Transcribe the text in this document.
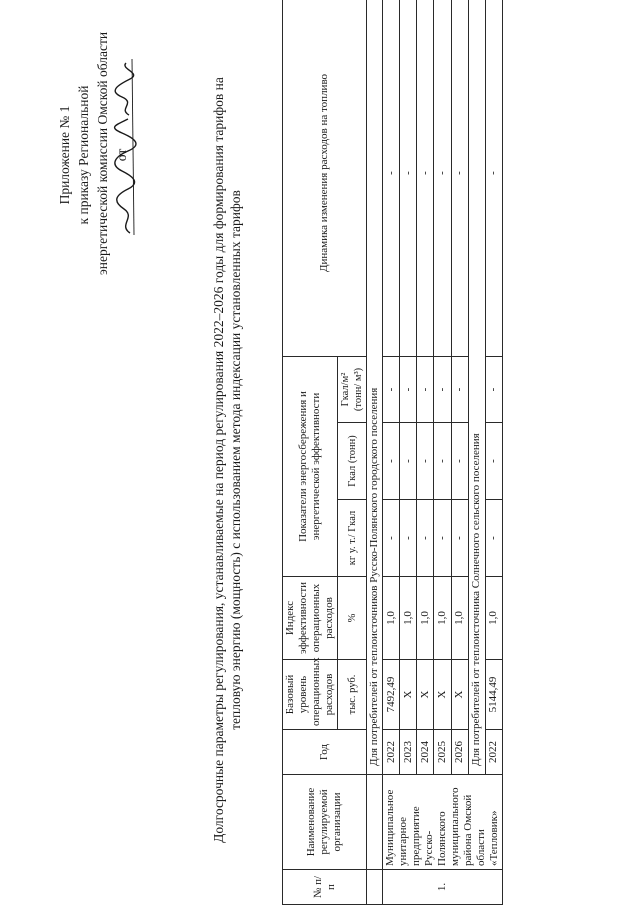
Приложение № 1 к приказу Региональной энергетической комиссии Омской области от	Долгосрочные параметры регулирования, устанавливаемые на период регулирования 2022–2026 годы для формирования тарифов на тепловую энергию (мощность) с использованием метода индексации установленных тарифов
№ п/п	Наименование регулируемой организации	Год	Базовый уровень операционных расходов	Индекс эффективности операционных расходов	Показатели энергосбережения и энергетической эффективности			Динамика изменения расходов на топливо
			тыс. руб.	%	кг у. т./ Гкал	Гкал (тонн)	Гкал/м² (тонн/ м³)	
		Для потребителей от теплоисточников Русско-Полянского городского поселения						
1.	Муниципальное унитарное предприятие Русско-Полянского муниципального района Омской области «Тепловик»	2022	7492,49	1,0	-	-	-	-
		2023	X	1,0	-	-	-	-
		2024	X	1,0	-	-	-	-
		2025	X	1,0	-	-	-	-
		2026	X	1,0	-	-	-	-
		Для потребителей от теплоисточника Солнечного сельского поселения						
		2022	5144,49	1,0	-	-	-	-
